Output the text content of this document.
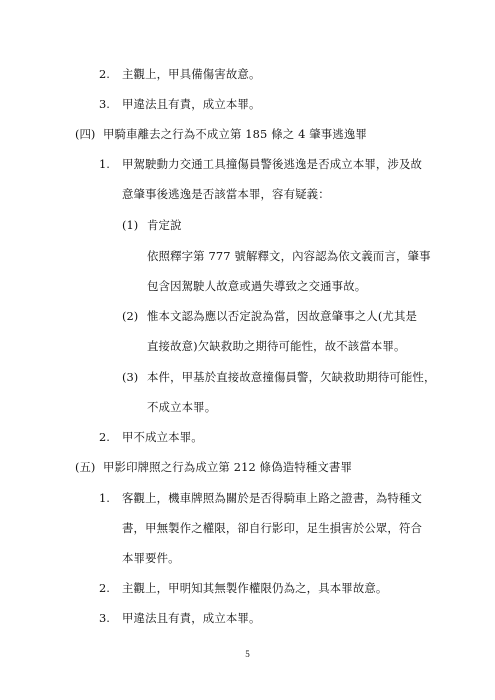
2. 主觀上，甲具備傷害故意。
3. 甲違法且有責，成立本罪。
(四) 甲騎車離去之行為不成立第 185 條之 4 肇事逃逸罪
1. 甲駕駛動力交通工具撞傷員警後逃逸是否成立本罪，涉及故
意肇事後逃逸是否該當本罪，容有疑義：
(1) 肯定說
依照釋字第 777 號解釋文，內容認為依文義而言，肇事
包含因駕駛人故意或過失導致之交通事故。
(2) 惟本文認為應以否定說為當，因故意肇事之人(尤其是
直接故意)欠缺救助之期待可能性，故不該當本罪。
(3) 本件，甲基於直接故意撞傷員警，欠缺救助期待可能性，
不成立本罪。
2. 甲不成立本罪。
(五) 甲影印牌照之行為成立第 212 條偽造特種文書罪
1. 客觀上，機車牌照為關於是否得騎車上路之證書，為特種文
書，甲無製作之權限，卻自行影印，足生損害於公眾，符合
本罪要件。
2. 主觀上，甲明知其無製作權限仍為之，具本罪故意。
3. 甲違法且有責，成立本罪。
5
